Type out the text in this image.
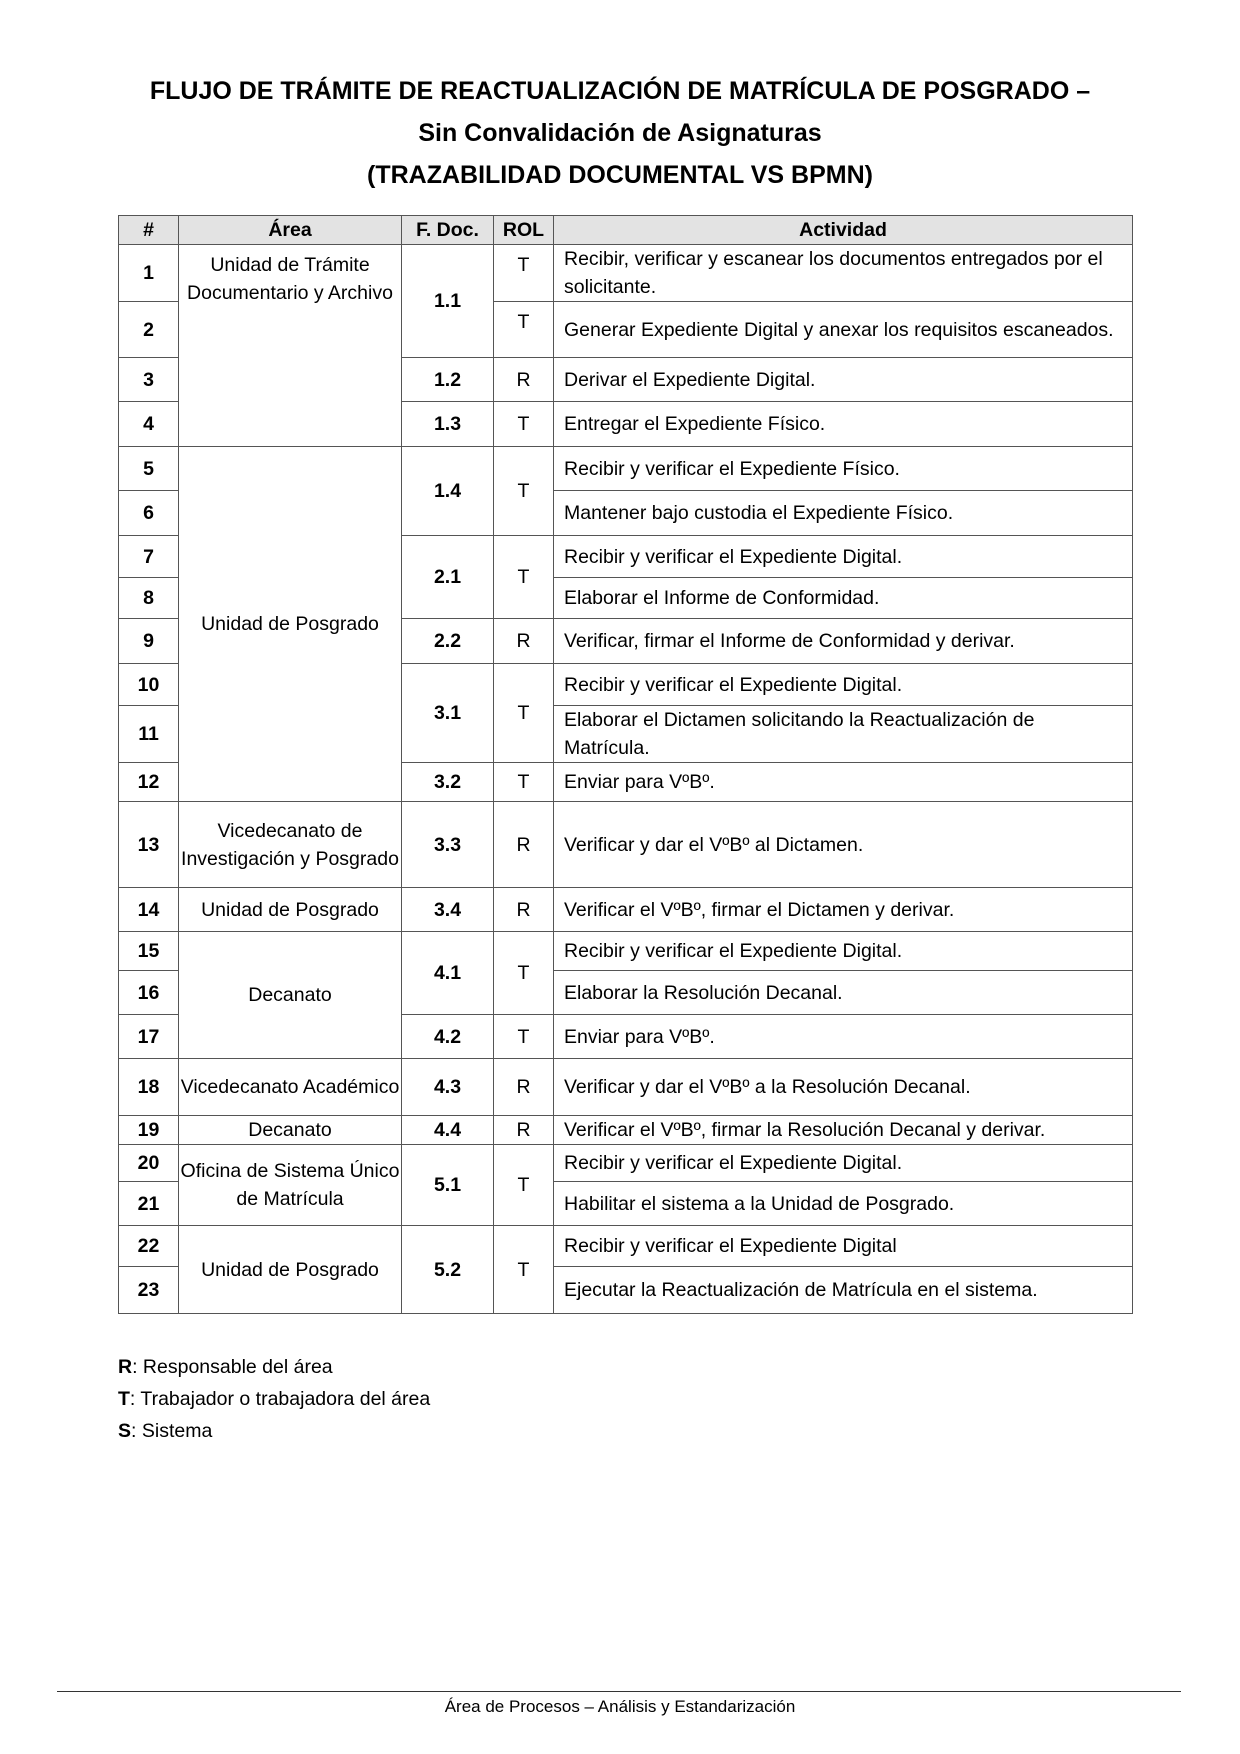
FLUJO DE TRÁMITE DE REACTUALIZACIÓN DE MATRÍCULA DE POSGRADO –
Sin Convalidación de Asignaturas
(TRAZABILIDAD DOCUMENTAL VS BPMN)
#	Área	F. Doc.	ROL	Actividad
1	Unidad de Trámite Documentario y Archivo	1.1	T	Recibir, verificar y escanear los documentos entregados por el solicitante.
2			T	Generar Expediente Digital y anexar los requisitos escaneados.
3		1.2	R	Derivar el Expediente Digital.
4		1.3	T	Entregar el Expediente Físico.
5	Unidad de Posgrado	1.4	T	Recibir y verificar el Expediente Físico.
6				Mantener bajo custodia el Expediente Físico.
7		2.1	T	Recibir y verificar el Expediente Digital.
8				Elaborar el Informe de Conformidad.
9		2.2	R	Verificar, firmar el Informe de Conformidad y derivar.
10		3.1	T	Recibir y verificar el Expediente Digital.
11				Elaborar el Dictamen solicitando la Reactualización de Matrícula.
12		3.2	T	Enviar para VºBº.
13	Vicedecanato de Investigación y Posgrado	3.3	R	Verificar y dar el VºBº al Dictamen.
14	Unidad de Posgrado	3.4	R	Verificar el VºBº, firmar el Dictamen y derivar.
15	Decanato	4.1	T	Recibir y verificar el Expediente Digital.
16				Elaborar la Resolución Decanal.
17		4.2	T	Enviar para VºBº.
18	Vicedecanato Académico	4.3	R	Verificar y dar el VºBº a la Resolución Decanal.
19	Decanato	4.4	R	Verificar el VºBº, firmar la Resolución Decanal y derivar.
20	Oficina de Sistema Único de Matrícula	5.1	T	Recibir y verificar el Expediente Digital.
21				Habilitar el sistema a la Unidad de Posgrado.
22	Unidad de Posgrado	5.2	T	Recibir y verificar el Expediente Digital
23				Ejecutar la Reactualización de Matrícula en el sistema.
R: Responsable del área
T: Trabajador o trabajadora del área
S: Sistema
Área de Procesos – Análisis y Estandarización
